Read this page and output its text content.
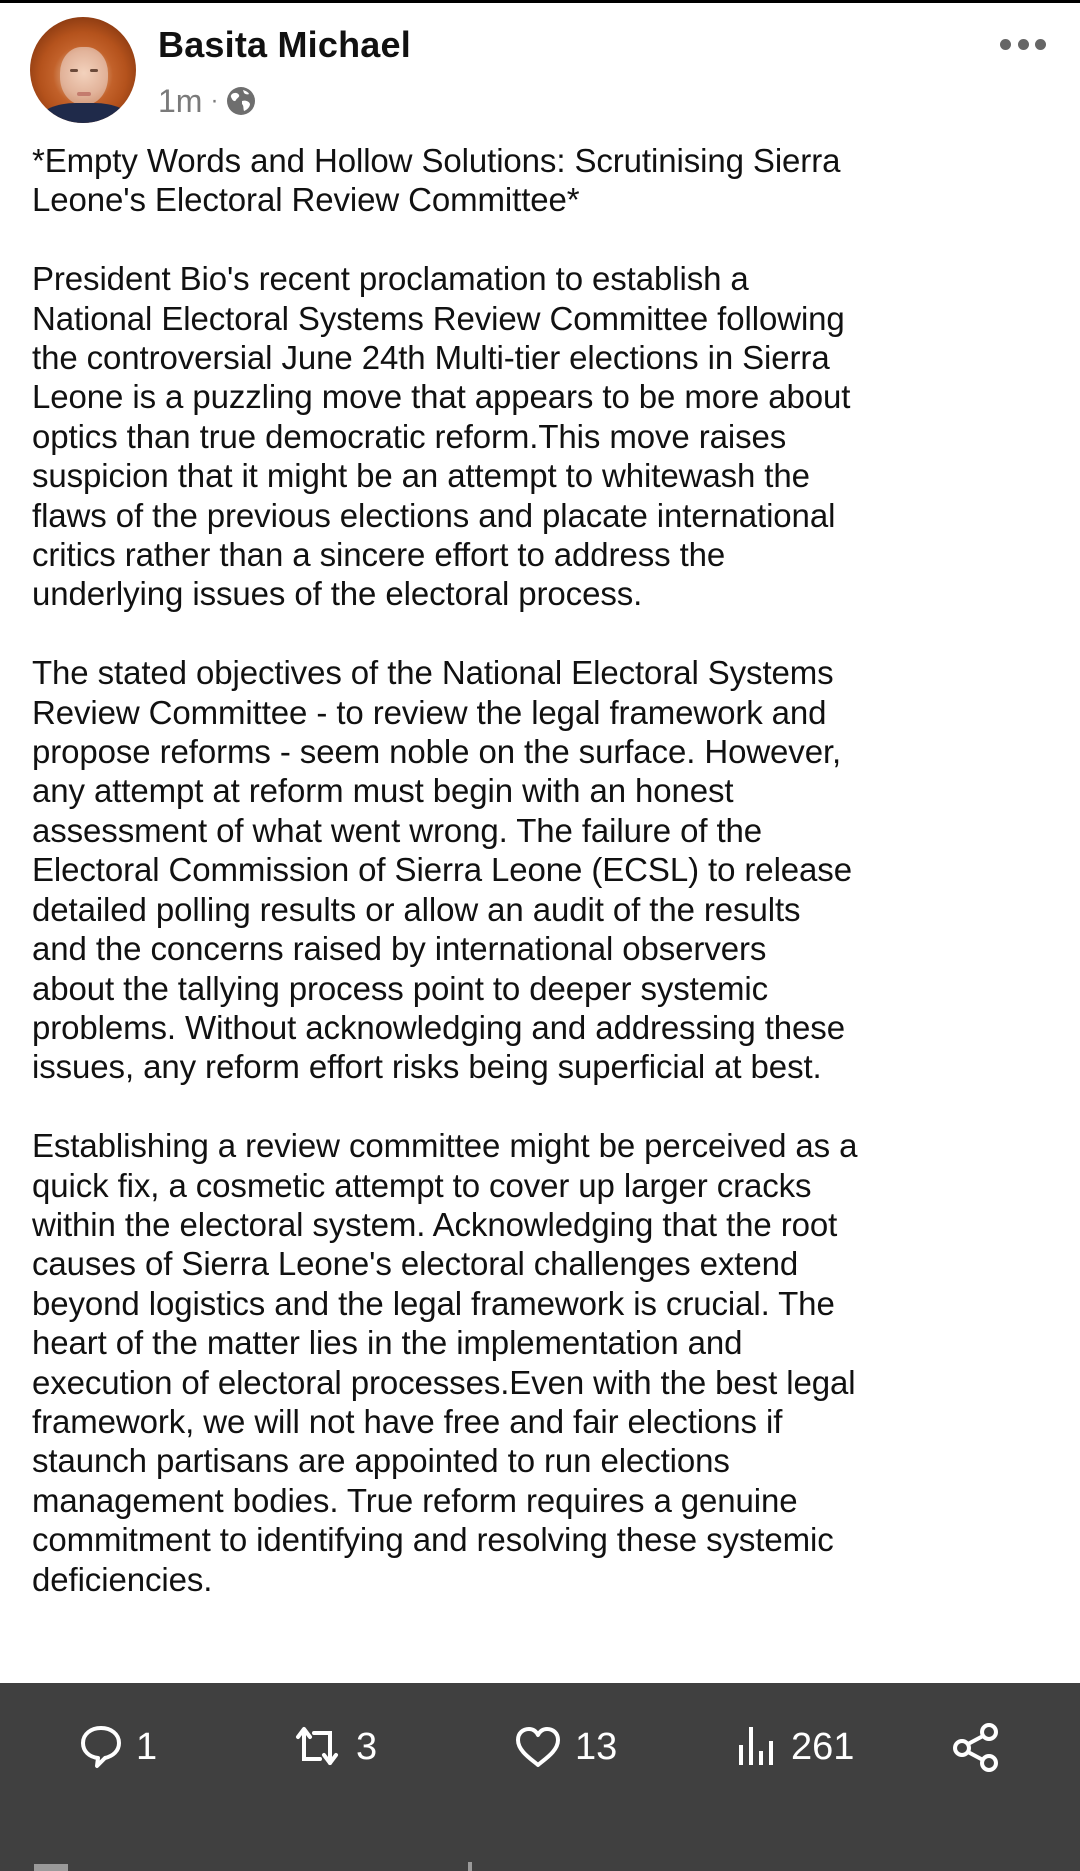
Basita Michael
1m ·

*Empty Words and Hollow Solutions: Scrutinising Sierra
Leone's Electoral Review Committee*

President Bio's recent proclamation to establish a
National Electoral Systems Review Committee following
the controversial June 24th Multi-tier elections in Sierra
Leone is a puzzling move that appears to be more about
optics than true democratic reform.This move raises
suspicion that it might be an attempt to whitewash the
flaws of the previous elections and placate international
critics rather than a sincere effort to address the
underlying issues of the electoral process.

The stated objectives of the National Electoral Systems
Review Committee - to review the legal framework and
propose reforms - seem noble on the surface. However,
any attempt at reform must begin with an honest
assessment of what went wrong. The failure of the
Electoral Commission of Sierra Leone (ECSL) to release
detailed polling results or allow an audit of the results
and the concerns raised by international observers
about the tallying process point to deeper systemic
problems. Without acknowledging and addressing these
issues, any reform effort risks being superficial at best.

Establishing a review committee might be perceived as a
quick fix, a cosmetic attempt to cover up larger cracks
within the electoral system. Acknowledging that the root
causes of Sierra Leone's electoral challenges extend
beyond logistics and the legal framework is crucial. The
heart of the matter lies in the implementation and
execution of electoral processes.Even with the best legal
framework, we will not have free and fair elections if
staunch partisans are appointed to run elections
management bodies. True reform requires a genuine
commitment to identifying and resolving these systemic
deficiencies.

1	3	13	261
